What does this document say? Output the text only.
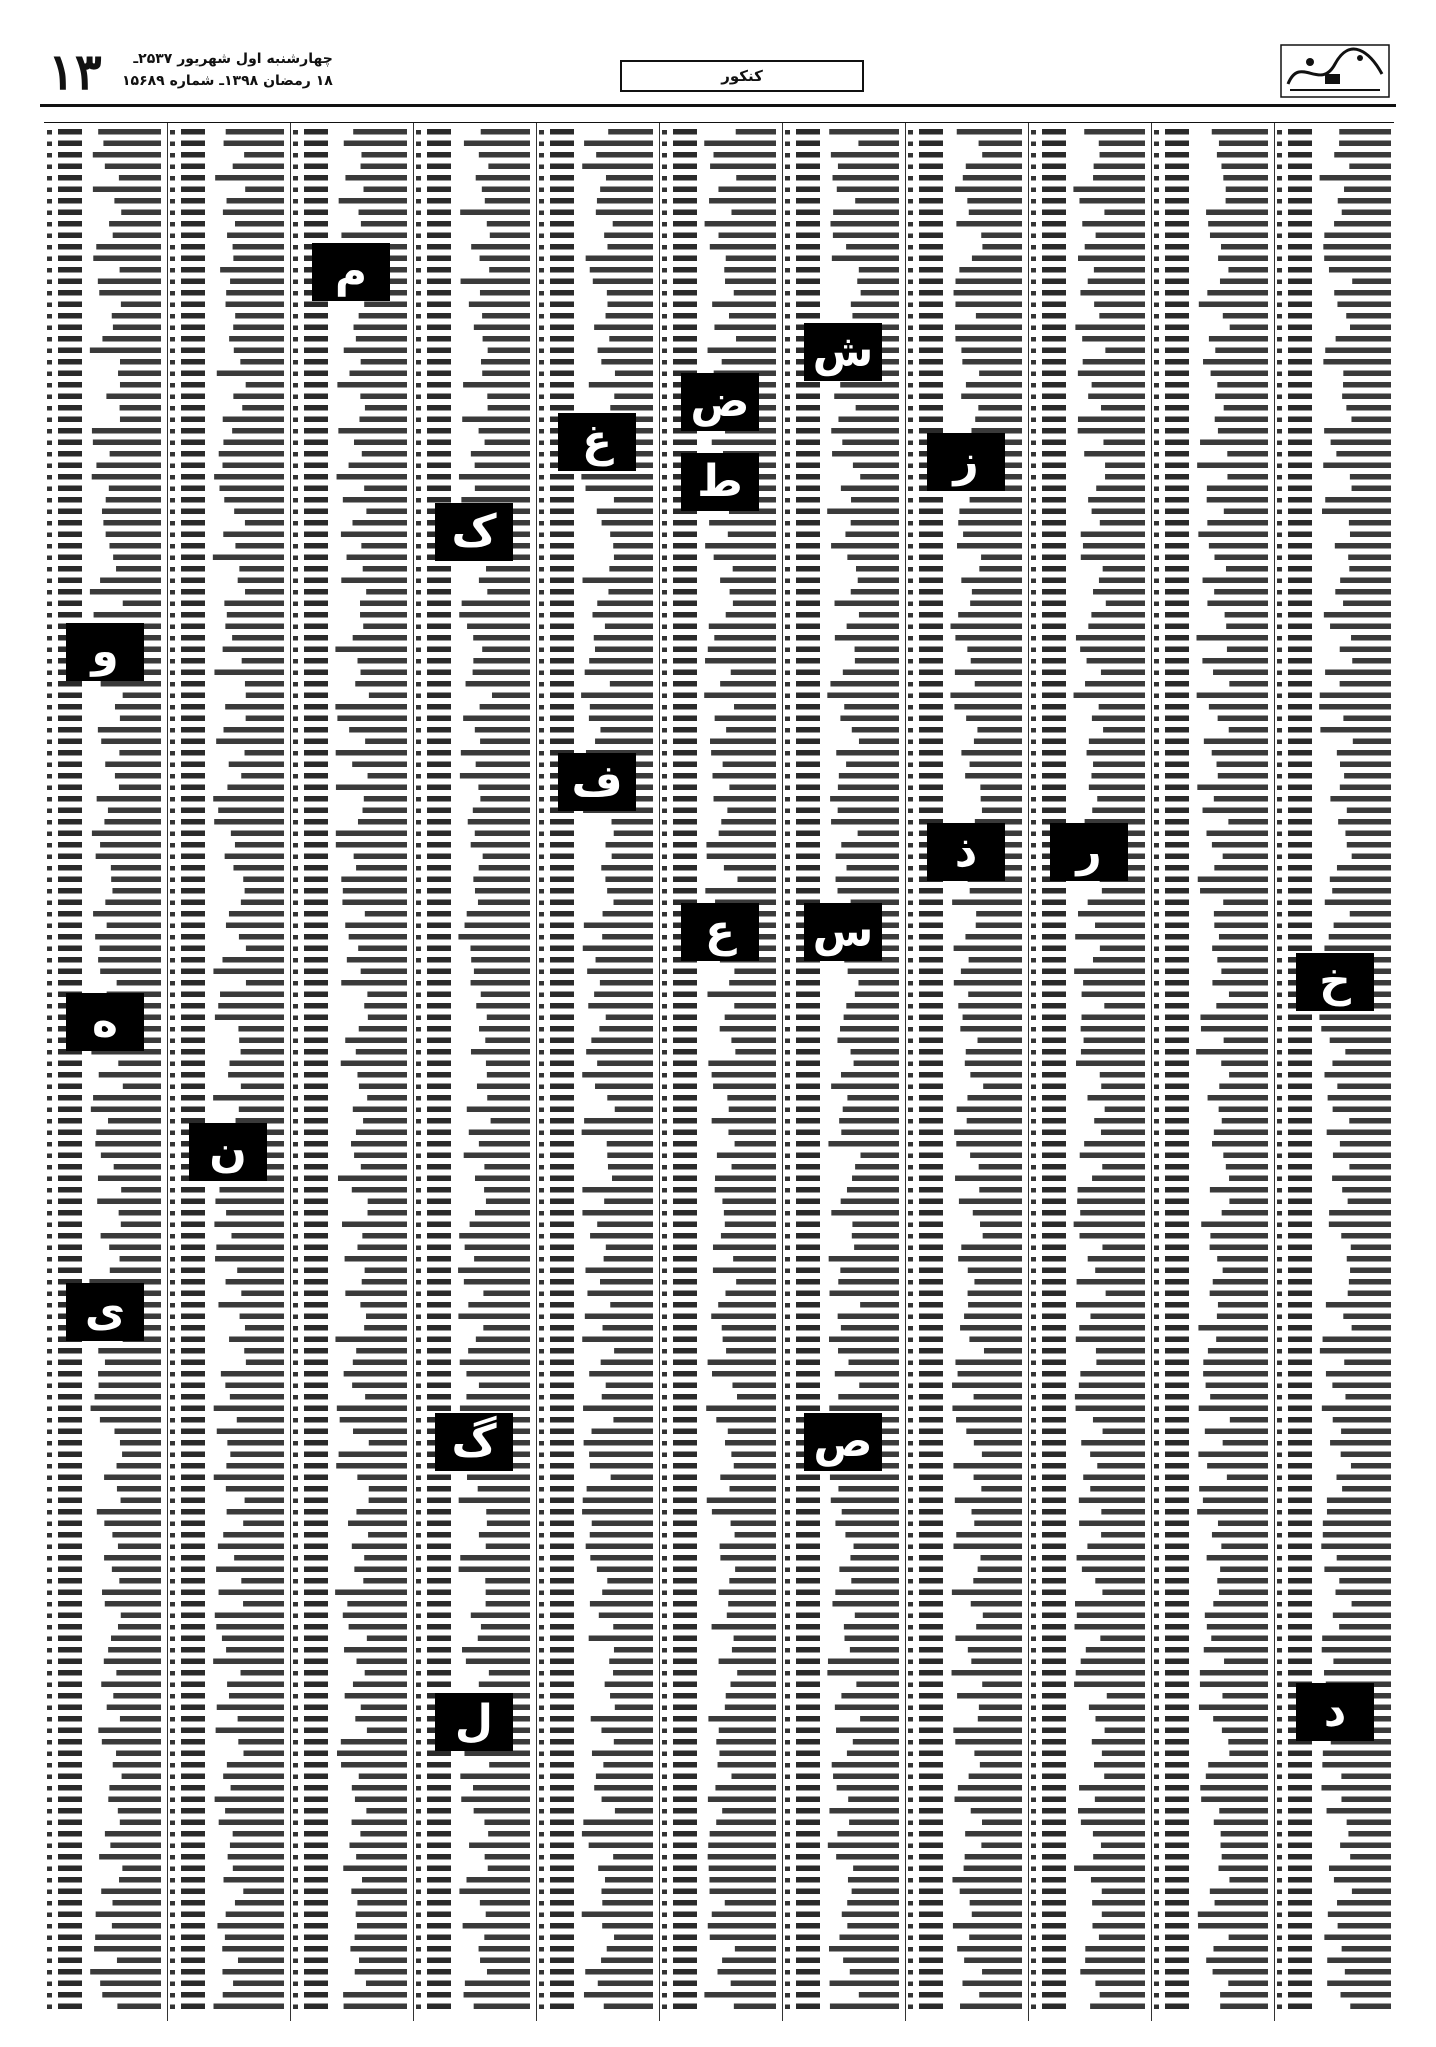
۱۳	چهارشنبه اول شهریور ۲۵۳۷ـ
۱۸ رمضان ۱۳۹۸ـ شماره ۱۵۶۸۹	کنکور
م
ک
غ
ط
ش
ض
ز
و
ف
ذ	ر
ع	س
خ
ه
ن
ی
گ	ص
ل	د
